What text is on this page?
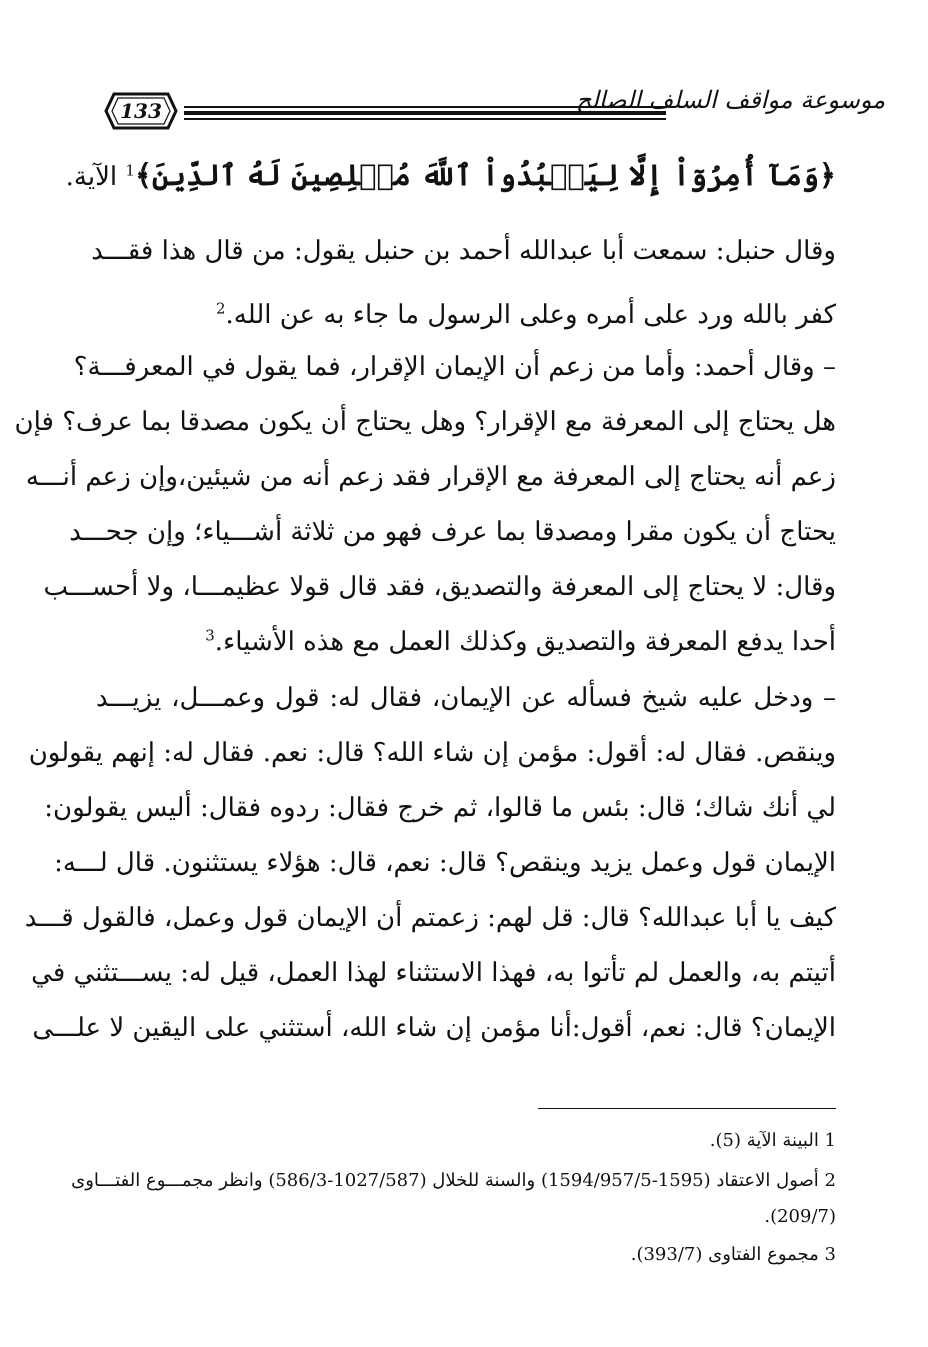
133	موسوعة مواقف السلف الصالح
﴿وَمَآ أُمِرُوٓاْ إِلَّا لِيَعۡبُدُواْ ٱللَّهَ مُخۡلِصِينَ لَهُ ٱلدِّينَ﴾$^1$ الآية.
وقال حنبل: سمعت أبا عبدالله أحمد بن حنبل يقول: من قال هذا فقـــد
كفر بالله ورد على أمره وعلى الرسول ما جاء به عن الله.$^2$
– وقال أحمد: وأما من زعم أن الإيمان الإقرار، فما يقول في المعرفـــة؟
هل يحتاج إلى المعرفة مع الإقرار؟ وهل يحتاج أن يكون مصدقا بما عرف؟ فإن
زعم أنه يحتاج إلى المعرفة مع الإقرار فقد زعم أنه من شيئين،وإن زعم أنـــه
يحتاج أن يكون مقرا ومصدقا بما عرف فهو من ثلاثة أشـــياء؛ وإن جحـــد
وقال: لا يحتاج إلى المعرفة والتصديق، فقد قال قولا عظيمـــا، ولا أحســـب
أحدا يدفع المعرفة والتصديق وكذلك العمل مع هذه الأشياء.$^3$
– ودخل عليه شيخ فسأله عن الإيمان، فقال له: قول وعمـــل، يزيـــد
وينقص. فقال له: أقول: مؤمن إن شاء الله؟ قال: نعم. فقال له: إنهم يقولون
لي أنك شاك؛ قال: بئس ما قالوا، ثم خرج فقال: ردوه فقال: أليس يقولون:
الإيمان قول وعمل يزيد وينقص؟ قال: نعم، قال: هؤلاء يستثنون. قال لـــه:
كيف يا أبا عبدالله؟ قال: قل لهم: زعمتم أن الإيمان قول وعمل، فالقول قـــد
أتيتم به، والعمل لم تأتوا به، فهذا الاستثناء لهذا العمل، قيل له: يســـتثني في
الإيمان؟ قال: نعم، أقول:أنا مؤمن إن شاء الله، أستثني على اليقين لا علـــى
1 البينة الآية (5).
2 أصول الاعتقاد (1595-1594/957/5) والسنة للخلال (1027/587-586/3) وانظر مجمـــوع الفتـــاوى
(209/7).
3 مجموع الفتاوى (393/7).
